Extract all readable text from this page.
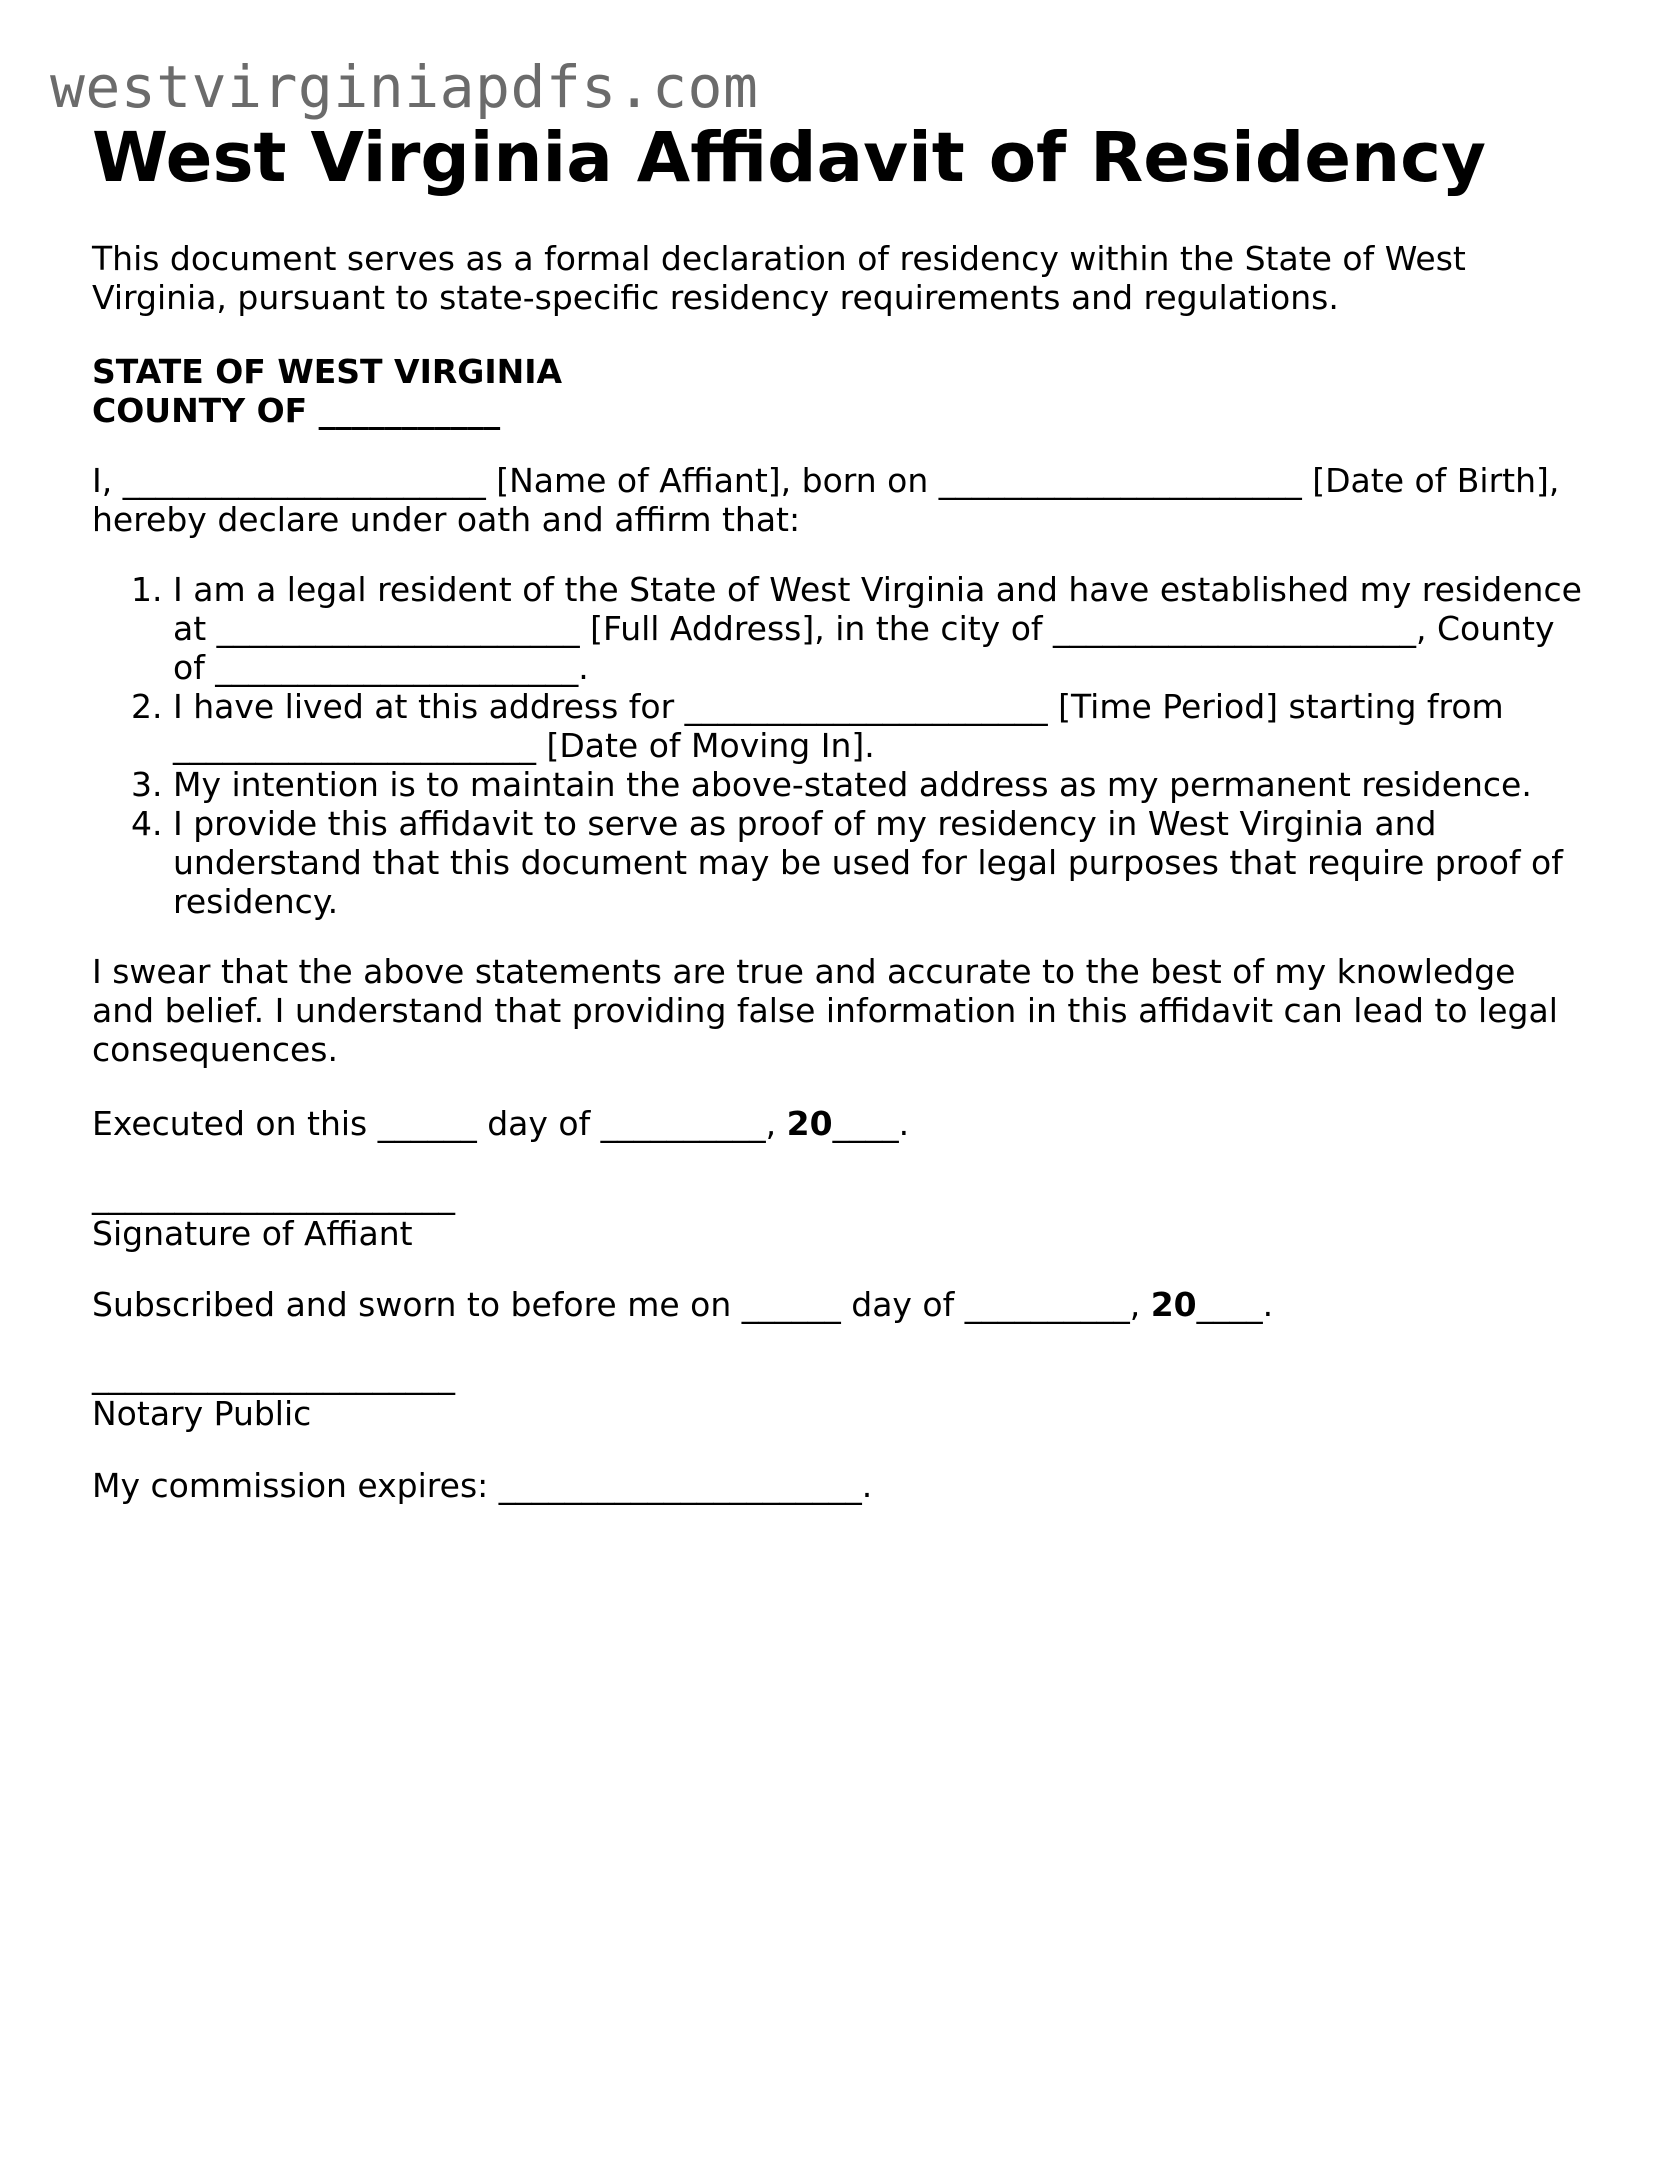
westvirginiapdfs.com
West Virginia Affidavit of Residency

This document serves as a formal declaration of residency within the State of West Virginia, pursuant to state-specific residency requirements and regulations.

STATE OF WEST VIRGINIA
COUNTY OF ___________

I, ______________________ [Name of Affiant], born on ______________________ [Date of Birth], hereby declare under oath and affirm that:

1. I am a legal resident of the State of West Virginia and have established my residence at ______________________ [Full Address], in the city of ______________________, County of ______________________.
2. I have lived at this address for ______________________ [Time Period] starting from ______________________ [Date of Moving In].
3. My intention is to maintain the above-stated address as my permanent residence.
4. I provide this affidavit to serve as proof of my residency in West Virginia and understand that this document may be used for legal purposes that require proof of residency.

I swear that the above statements are true and accurate to the best of my knowledge and belief. I understand that providing false information in this affidavit can lead to legal consequences.

Executed on this ______ day of __________, 20____.
______________________
Signature of Affiant
Subscribed and sworn to before me on ______ day of __________, 20____.
______________________
Notary Public
My commission expires: ______________________.
